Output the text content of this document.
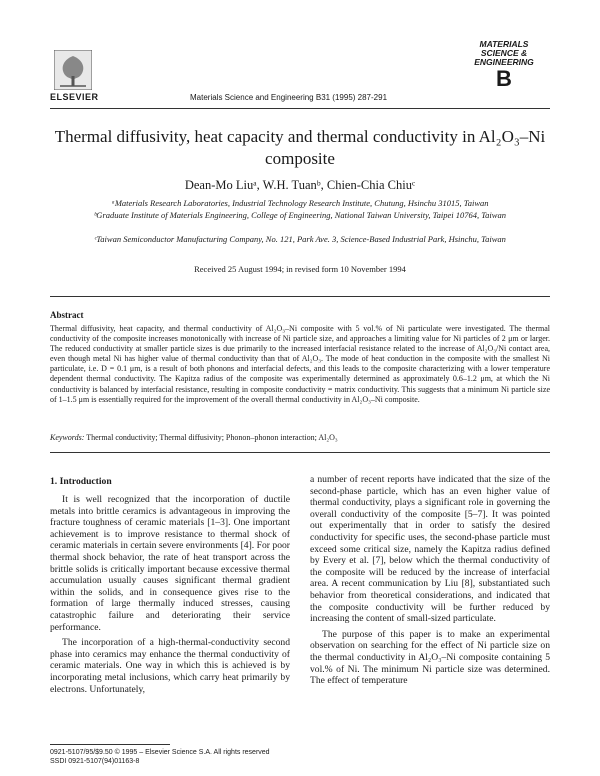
ELSEVIER	Materials Science and Engineering B31 (1995) 287-291
MATERIALS
SCIENCE &
ENGINEERING
B
Thermal diffusivity, heat capacity and thermal conductivity in Al₂O₃–Ni
composite
Dean-Mo Liuᵃ, W.H. Tuanᵇ, Chien-Chia Chiuᶜ
ᵃMaterials Research Laboratories, Industrial Technology Research Institute, Chutung, Hsinchu 31015, Taiwan
ᵇGraduate Institute of Materials Engineering, College of Engineering, National Taiwan University, Taipei 10764, Taiwan
ᶜTaiwan Semiconductor Manufacturing Company, No. 121, Park Ave. 3, Science-Based Industrial Park, Hsinchu, Taiwan
Received 25 August 1994; in revised form 10 November 1994
Abstract
Thermal diffusivity, heat capacity, and thermal conductivity of Al₂O₃–Ni composite with 5 vol.% of Ni particulate were investigated. The thermal conductivity of the composite increases monotonically with increase of Ni particle size, and approaches a limiting value for Ni particles of 2 μm or larger. The reduced conductivity at smaller particle sizes is due primarily to the increased interfacial resistance related to the increase of Al₂O₃/Ni contact area, even though metal Ni has higher value of thermal conductivity than that of Al₂O₃. The mode of heat conduction in the composite with the smallest Ni particulate, i.e. D = 0.1 μm, is a result of both phonons and interfacial defects, and this leads to the composite characterizing with a lower temperature dependent thermal conductivity. The Kapitza radius of the composite was experimentally determined as approximately 0.6–1.2 μm, at which the Ni conductivity is balanced by interfacial resistance, resulting in composite conductivity = matrix conductivity. This suggests that a minimum Ni particle size of 1–1.5 μm is essentially required for the improvement of the overall thermal conductivity in Al₂O₃–Ni composite.
Keywords: Thermal conductivity; Thermal diffusivity; Phonon–phonon interaction; Al₂O₃
1. Introduction

It is well recognized that the incorporation of ductile metals into brittle ceramics is advantageous in improving the fracture toughness of ceramic materials [1–3]. One important achievement is to improve resistance to thermal shock of ceramic materials in certain severe environments [4]. For poor thermal shock behavior, the rate of heat transport across the brittle solids is critically important because excessive thermal accumulation usually causes significant thermal gradient within the solids, and in consequence gives rise to the formation of large thermally induced stresses, causing catastrophic failure and deteriorating their service performance.

The incorporation of a high-thermal-conductivity second phase into ceramics may enhance the thermal conductivity of ceramic materials. One way in which this is achieved is by incorporating metal inclusions, which carry heat primarily by electrons. Unfortunately,

a number of recent reports have indicated that the size of the second-phase particle, which has an even higher value of thermal conductivity, plays a significant role in governing the overall conductivity of the composite [5–7]. It was pointed out experimentally that in order to satisfy the desired conductivity for specific uses, the second-phase particle must exceed some critical size, namely the Kapitza radius defined by Every et al. [7], below which the thermal conductivity of the composite will be reduced by the increase of interfacial area. A recent communication by Liu [8], substantiated such behavior from theoretical considerations, and indicated that the composite conductivity will be further reduced by increasing the content of small-sized particulate.

The purpose of this paper is to make an experimental observation on searching for the effect of Ni particle size on the thermal conductivity in Al₂O₃–Ni composite containing 5 vol.% of Ni. The minimum Ni particle size was determined. The effect of temperature

0921-5107/95/$9.50 © 1995 – Elsevier Science S.A. All rights reserved
SSDI 0921-5107(94)01163-8
